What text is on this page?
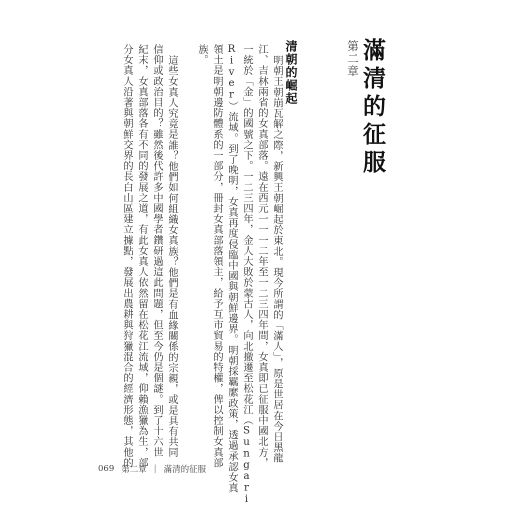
第二章 滿清的征服
清朝的崛起
明朝王朝崩瓦解之際，新興王朝崛起於東北。現今所謂的「滿人」，原是世居在今日黑龍
江、吉林兩省的女真部落。遠在西元一一一二年至一二三四年間，女真即已征服中國北方，
一統於「金」的國號之下。一二三四年，金人大敗於蒙古人，向北撤遷至松花江（Sungari
River）流域。到了晚明，女真再度侵臨中國與朝鮮邊界。明朝採羈縻政策，透過承認女真
領土是明朝邊防體系的一部分，冊封女真部落領主，給予互市貿易的特權，俾以控制女真部
族。
這些女真人究竟是誰？他們如何組織女真族？他們是有血緣關係的宗親，或是具有共同
信仰或政治目的？雖然後代許多中國學者鑽研過這此問題，但至今仍是個謎。到了十六世
紀末，女真部落各有不同的發展之道，有此女真人依然留在松花江流域，仰賴漁獵為生，部
分女真人沿著與朝鮮交界的長白山區建立據點，發展出農耕與狩獵混合的經濟形態，其他的
069 第二章 | 滿清的征服
